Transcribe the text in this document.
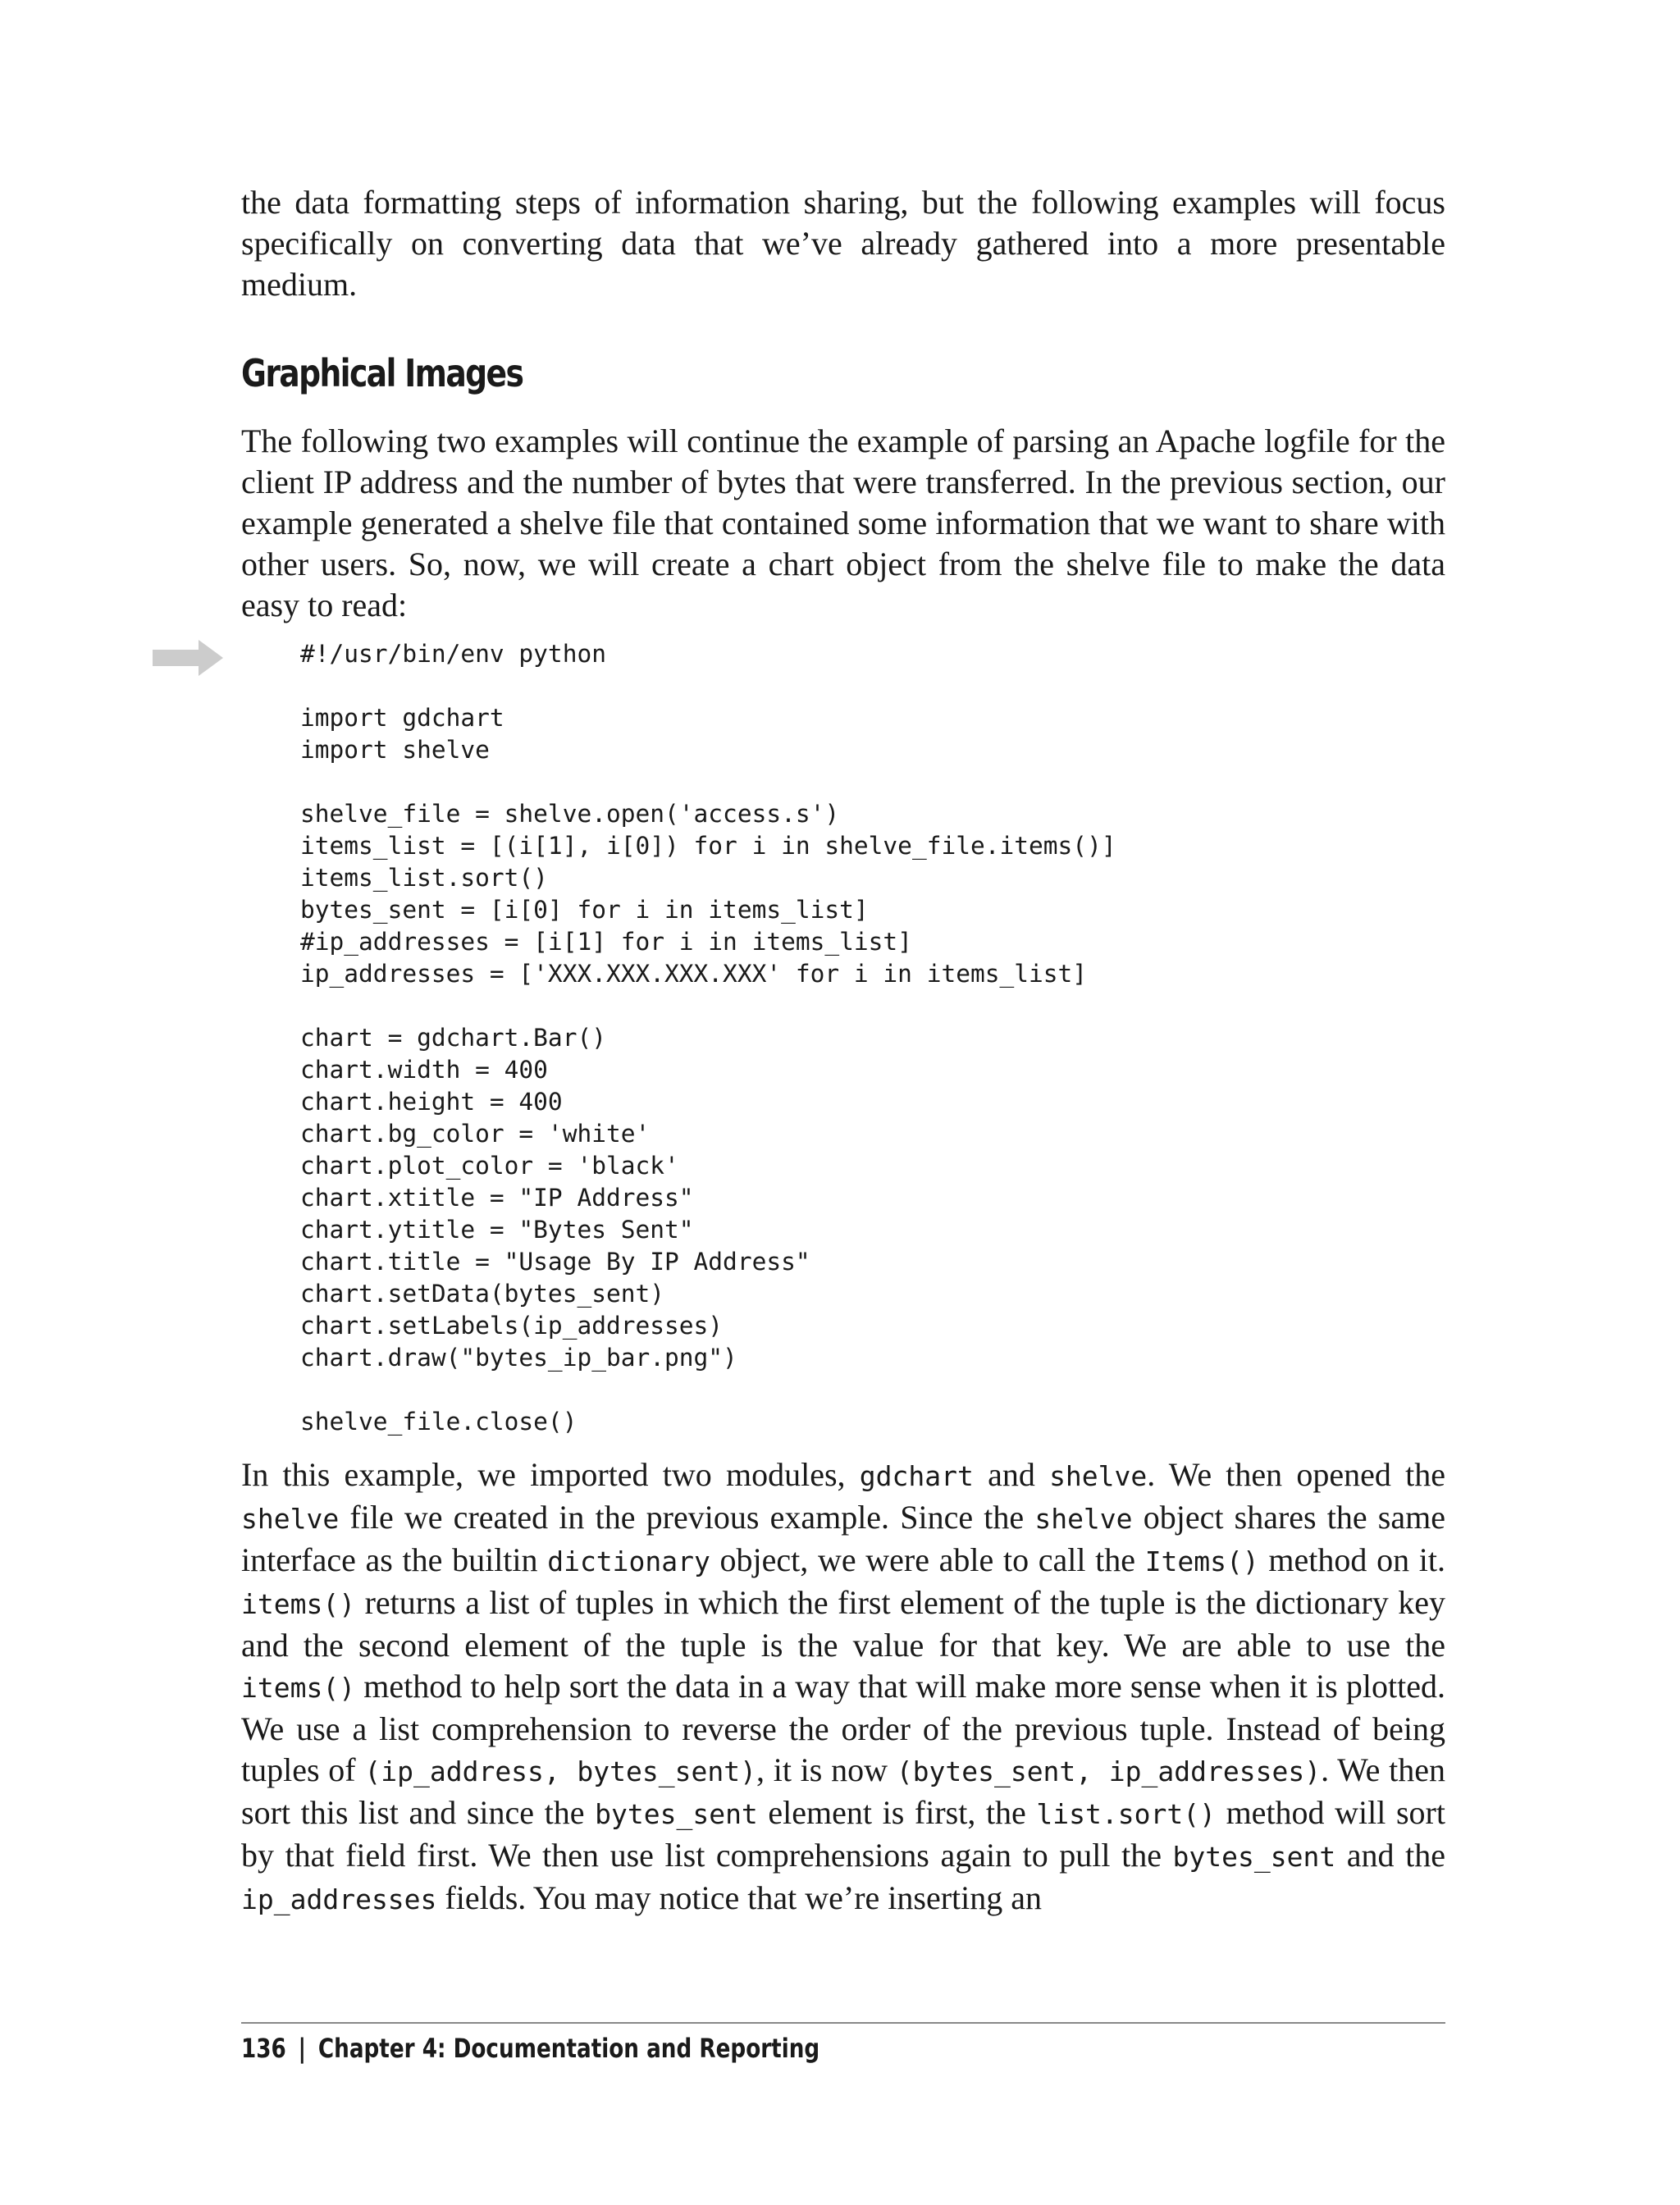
the data formatting steps of information sharing, but the following examples will focus specifically on converting data that we’ve already gathered into a more presentable medium.

Graphical Images

The following two examples will continue the example of parsing an Apache logfile for the client IP address and the number of bytes that were transferred. In the previous section, our example generated a shelve file that contained some information that we want to share with other users. So, now, we will create a chart object from the shelve file to make the data easy to read:

#!/usr/bin/env python

import gdchart
import shelve

shelve_file = shelve.open('access.s')
items_list = [(i[1], i[0]) for i in shelve_file.items()]
items_list.sort()
bytes_sent = [i[0] for i in items_list]
#ip_addresses = [i[1] for i in items_list]
ip_addresses = ['XXX.XXX.XXX.XXX' for i in items_list]

chart = gdchart.Bar()
chart.width = 400
chart.height = 400
chart.bg_color = 'white'
chart.plot_color = 'black'
chart.xtitle = "IP Address"
chart.ytitle = "Bytes Sent"
chart.title = "Usage By IP Address"
chart.setData(bytes_sent)
chart.setLabels(ip_addresses)
chart.draw("bytes_ip_bar.png")

shelve_file.close()

In this example, we imported two modules, gdchart and shelve. We then opened the shelve file we created in the previous example. Since the shelve object shares the same interface as the builtin dictionary object, we were able to call the Items() method on it. items() returns a list of tuples in which the first element of the tuple is the dictionary key and the second element of the tuple is the value for that key. We are able to use the items() method to help sort the data in a way that will make more sense when it is plotted. We use a list comprehension to reverse the order of the previous tuple. Instead of being tuples of (ip_address, bytes_sent), it is now (bytes_sent, ip_addresses). We then sort this list and since the bytes_sent element is first, the list.sort() method will sort by that field first. We then use list comprehensions again to pull the bytes_sent and the ip_addresses fields. You may notice that we’re inserting an

136 | Chapter 4: Documentation and Reporting
